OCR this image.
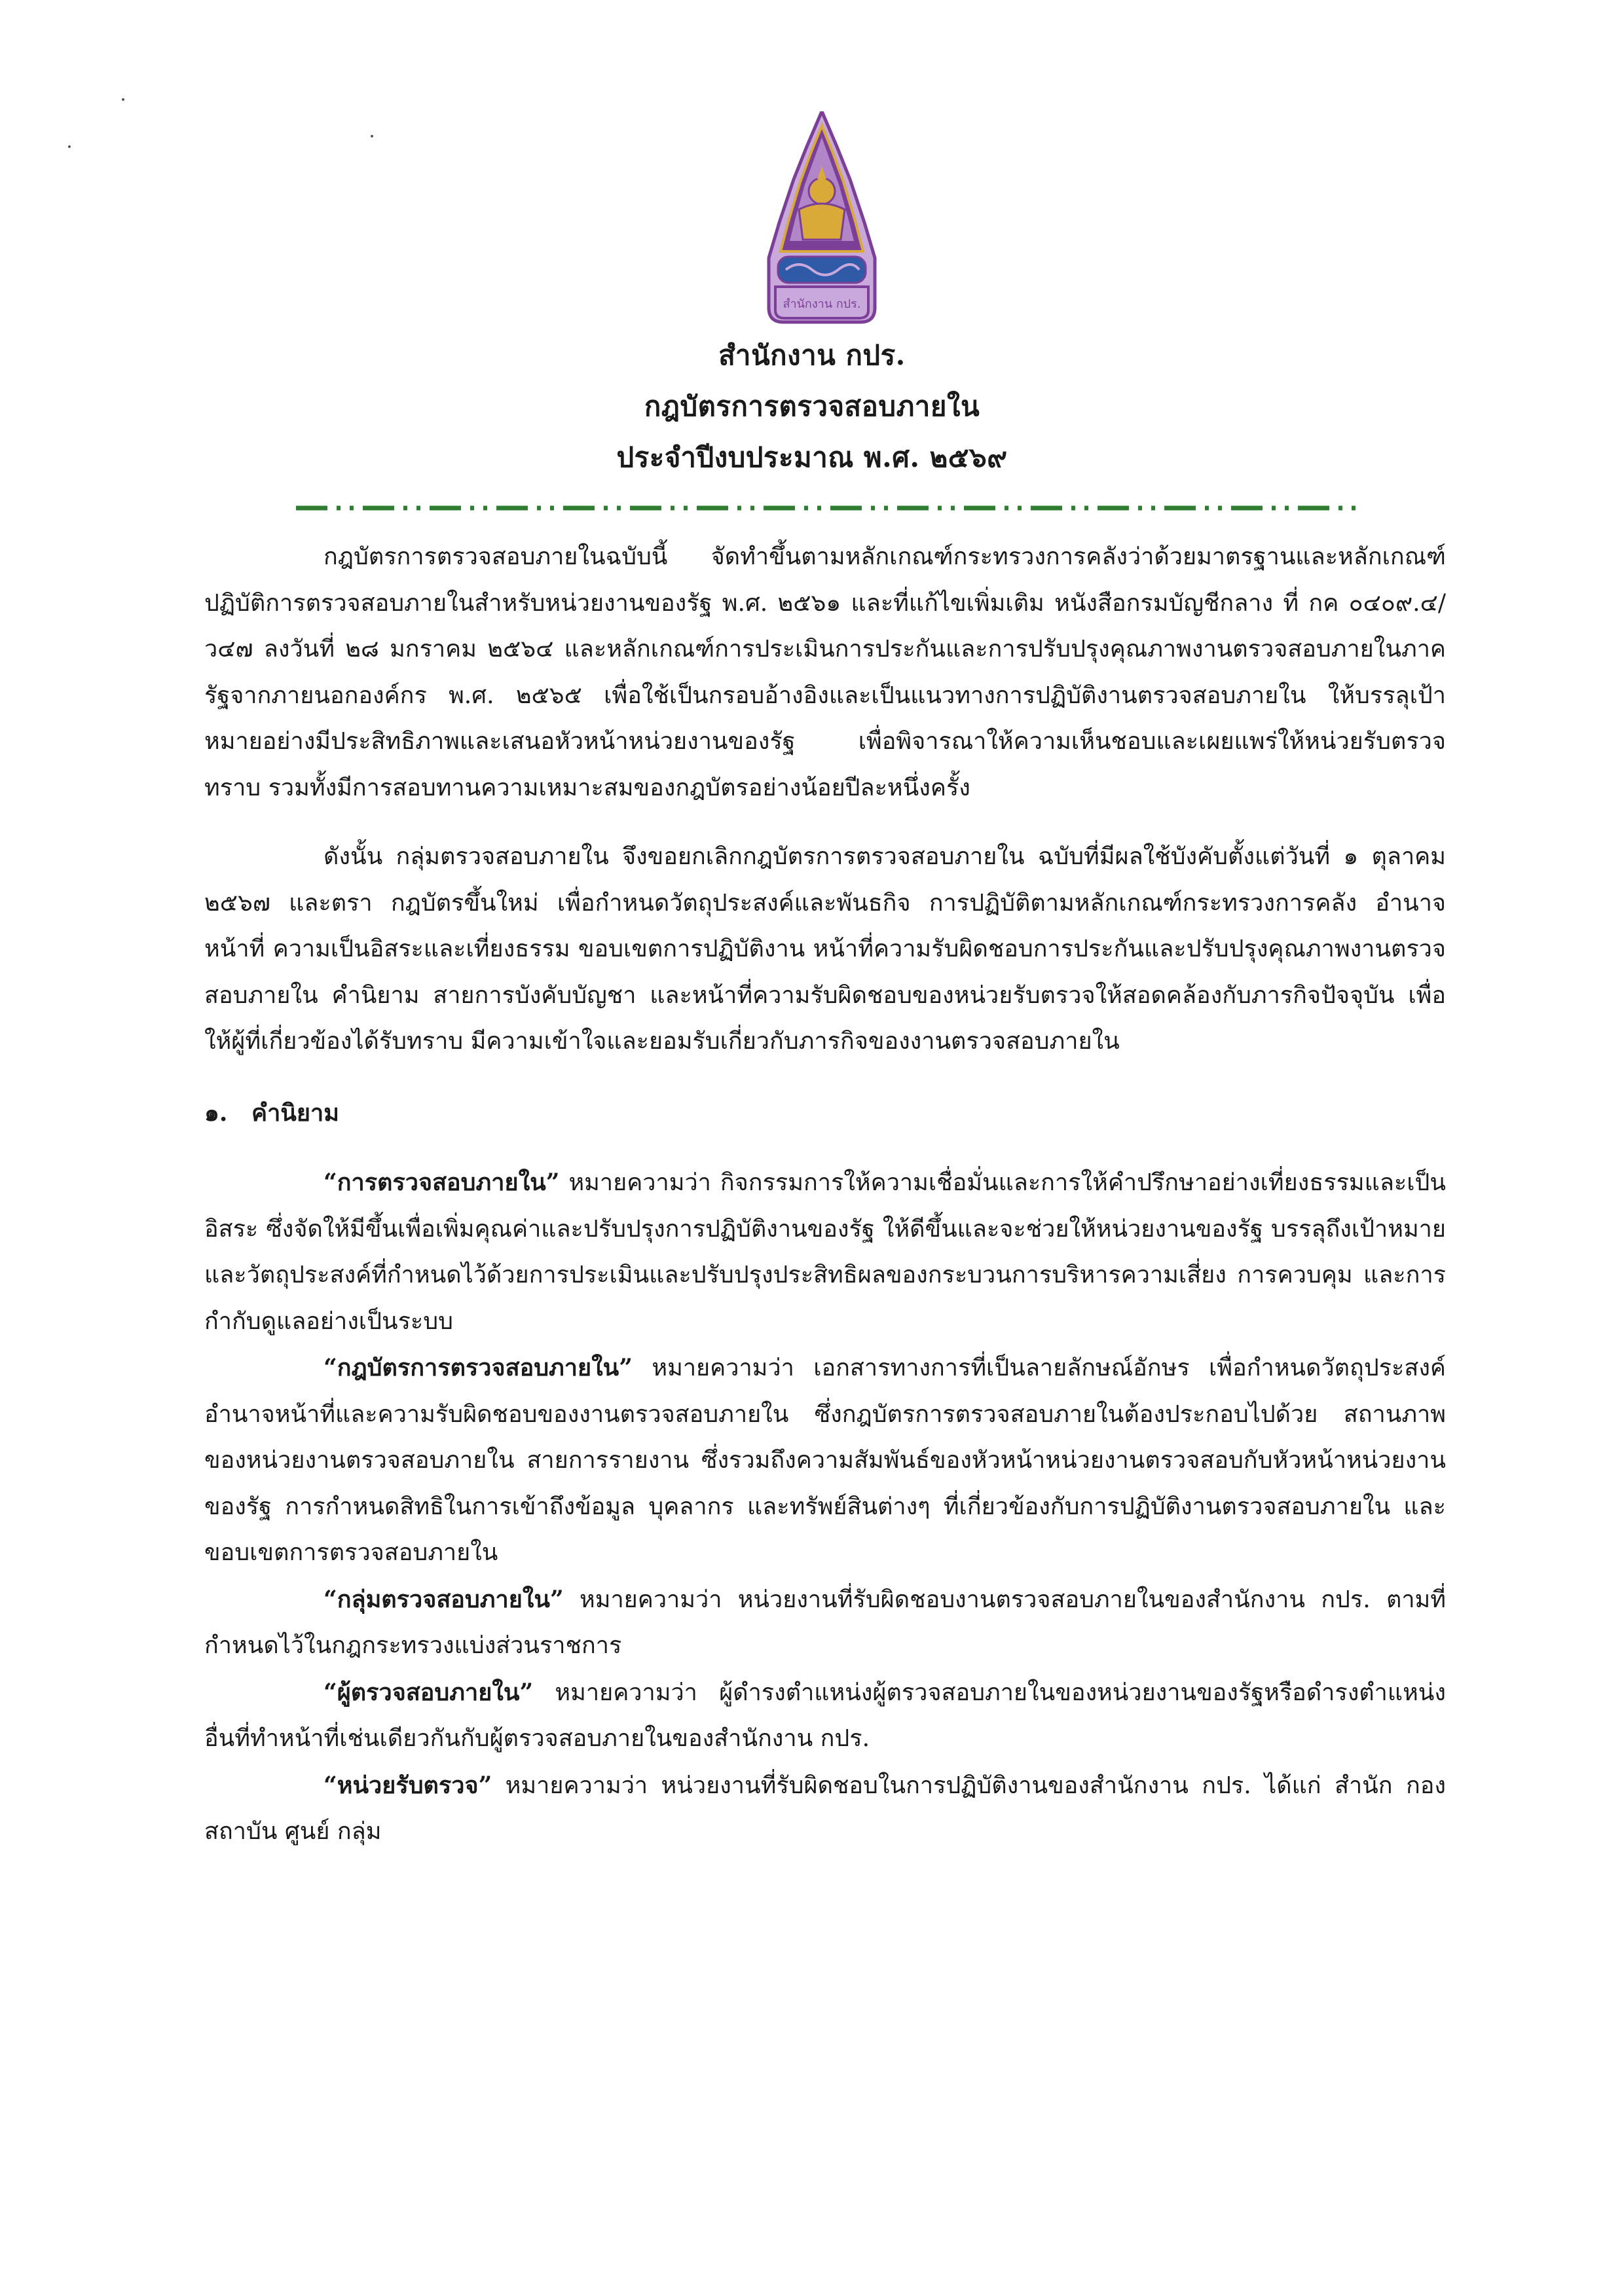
สำนักงาน กปร.
สำนักงาน กปร.
กฎบัตรการตรวจสอบภายใน
ประจำปีงบประมาณ พ.ศ. ๒๕๖๙

กฎบัตรการตรวจสอบภายในฉบับนี้ จัดทำขึ้นตามหลักเกณฑ์กระทรวงการคลังว่าด้วยมาตรฐานและหลักเกณฑ์ปฏิบัติการตรวจสอบภายในสำหรับหน่วยงานของรัฐ พ.ศ. ๒๕๖๑ และที่แก้ไขเพิ่มเติม หนังสือกรมบัญชีกลาง ที่ กค ๐๔๐๙.๔/ว๔๗ ลงวันที่ ๒๘ มกราคม ๒๕๖๔ และหลักเกณฑ์การประเมินการประกันและการปรับปรุงคุณภาพงานตรวจสอบภายในภาครัฐจากภายนอกองค์กร พ.ศ. ๒๕๖๕ เพื่อใช้เป็นกรอบอ้างอิงและเป็นแนวทางการปฏิบัติงานตรวจสอบภายใน ให้บรรลุเป้าหมายอย่างมีประสิทธิภาพและเสนอหัวหน้าหน่วยงานของรัฐ เพื่อพิจารณาให้ความเห็นชอบและเผยแพร่ให้หน่วยรับตรวจทราบ รวมทั้งมีการสอบทานความเหมาะสมของกฎบัตรอย่างน้อยปีละหนึ่งครั้ง

ดังนั้น กลุ่มตรวจสอบภายใน จึงขอยกเลิกกฎบัตรการตรวจสอบภายใน ฉบับที่มีผลใช้บังคับตั้งแต่วันที่ ๑ ตุลาคม ๒๕๖๗ และตรา กฎบัตรขึ้นใหม่ เพื่อกำหนดวัตถุประสงค์และพันธกิจ การปฏิบัติตามหลักเกณฑ์กระทรวงการคลัง อำนาจหน้าที่ ความเป็นอิสระและเที่ยงธรรม ขอบเขตการปฏิบัติงาน หน้าที่ความรับผิดชอบการประกันและปรับปรุงคุณภาพงานตรวจสอบภายใน คำนิยาม สายการบังคับบัญชา และหน้าที่ความรับผิดชอบของหน่วยรับตรวจให้สอดคล้องกับภารกิจปัจจุบัน เพื่อให้ผู้ที่เกี่ยวข้องได้รับทราบ มีความเข้าใจและยอมรับเกี่ยวกับภารกิจของงานตรวจสอบภายใน

๑. คำนิยาม

“การตรวจสอบภายใน” หมายความว่า กิจกรรมการให้ความเชื่อมั่นและการให้คำปรึกษาอย่างเที่ยงธรรมและเป็นอิสระ ซึ่งจัดให้มีขึ้นเพื่อเพิ่มคุณค่าและปรับปรุงการปฏิบัติงานของรัฐ ให้ดีขึ้นและจะช่วยให้หน่วยงานของรัฐ บรรลุถึงเป้าหมายและวัตถุประสงค์ที่กำหนดไว้ด้วยการประเมินและปรับปรุงประสิทธิผลของกระบวนการบริหารความเสี่ยง การควบคุม และการกำกับดูแลอย่างเป็นระบบ

“กฎบัตรการตรวจสอบภายใน” หมายความว่า เอกสารทางการที่เป็นลายลักษณ์อักษร เพื่อกำหนดวัตถุประสงค์ อำนาจหน้าที่และความรับผิดชอบของงานตรวจสอบภายใน ซึ่งกฎบัตรการตรวจสอบภายในต้องประกอบไปด้วย สถานภาพของหน่วยงานตรวจสอบภายใน สายการรายงาน ซึ่งรวมถึงความสัมพันธ์ของหัวหน้าหน่วยงานตรวจสอบกับหัวหน้าหน่วยงานของรัฐ การกำหนดสิทธิในการเข้าถึงข้อมูล บุคลากร และทรัพย์สินต่างๆ ที่เกี่ยวข้องกับการปฏิบัติงานตรวจสอบภายใน และขอบเขตการตรวจสอบภายใน

“กลุ่มตรวจสอบภายใน” หมายความว่า หน่วยงานที่รับผิดชอบงานตรวจสอบภายในของสำนักงาน กปร. ตามที่กำหนดไว้ในกฎกระทรวงแบ่งส่วนราชการ

“ผู้ตรวจสอบภายใน” หมายความว่า ผู้ดำรงตำแหน่งผู้ตรวจสอบภายในของหน่วยงานของรัฐหรือดำรงตำแหน่งอื่นที่ทำหน้าที่เช่นเดียวกันกับผู้ตรวจสอบภายในของสำนักงาน กปร.

“หน่วยรับตรวจ” หมายความว่า หน่วยงานที่รับผิดชอบในการปฏิบัติงานของสำนักงาน กปร. ได้แก่ สำนัก กอง สถาบัน ศูนย์ กลุ่ม
